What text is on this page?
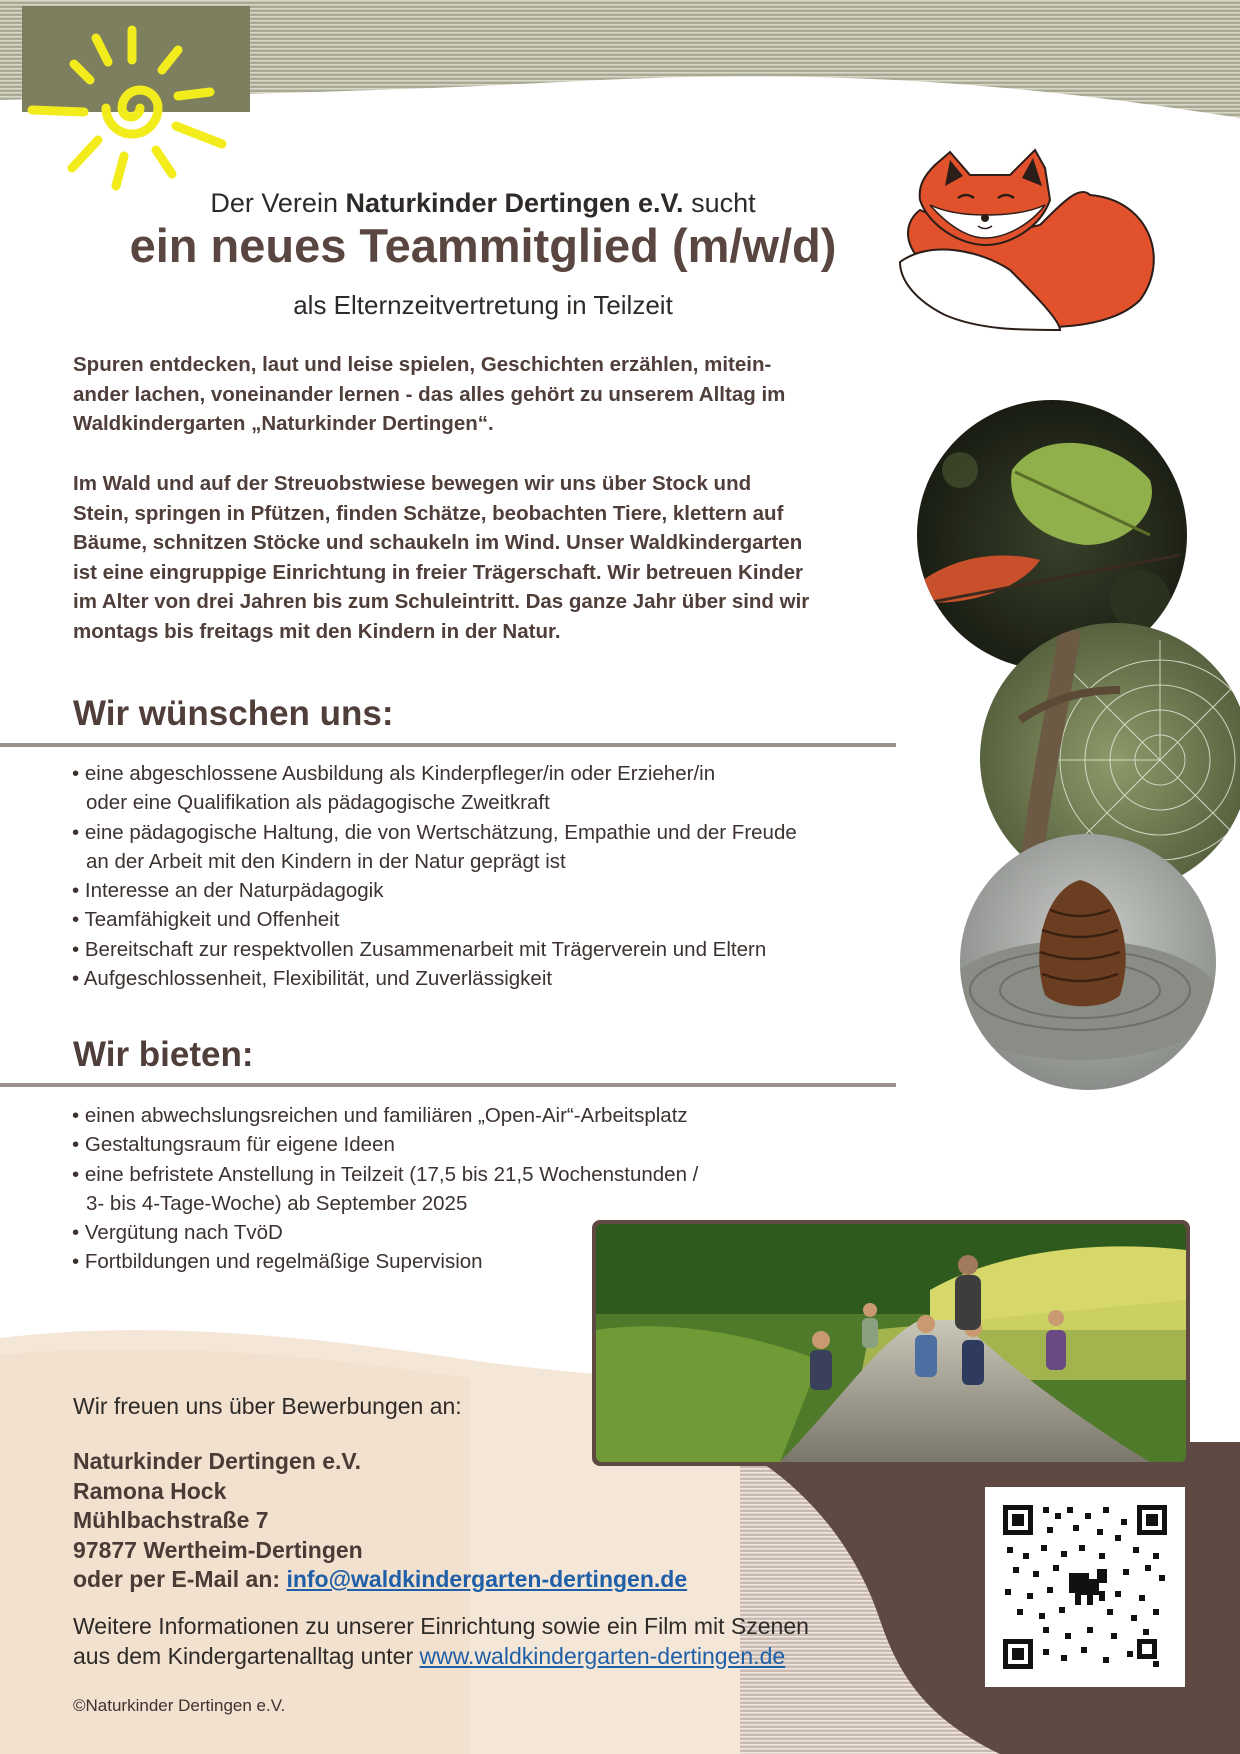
Der Verein Naturkinder Dertingen e.V. sucht
ein neues Teammitglied (m/w/d)
als Elternzeitvertretung in Teilzeit

Spuren entdecken, laut und leise spielen, Geschichten erzählen, mitein-

ander lachen, voneinander lernen - das alles gehört zu unserem Alltag im

Waldkindergarten „Naturkinder Dertingen“.

Im Wald und auf der Streuobstwiese bewegen wir uns über Stock und

Stein, springen in Pfützen, finden Schätze, beobachten Tiere, klettern auf

Bäume, schnitzen Stöcke und schaukeln im Wind. Unser Waldkindergarten

ist eine eingruppige Einrichtung in freier Trägerschaft. Wir betreuen Kinder

im Alter von drei Jahren bis zum Schuleintritt. Das ganze Jahr über sind wir

montags bis freitags mit den Kindern in der Natur.

Wir wünschen uns:
• eine abgeschlossene Ausbildung als Kinderpfleger/in oder Erzieher/in
oder eine Qualifikation als pädagogische Zweitkraft
• eine pädagogische Haltung, die von Wertschätzung, Empathie und der Freude
an der Arbeit mit den Kindern in der Natur geprägt ist
• Interesse an der Naturpädagogik
• Teamfähigkeit und Offenheit
• Bereitschaft zur respektvollen Zusammenarbeit mit Trägerverein und Eltern
• Aufgeschlossenheit, Flexibilität, und Zuverlässigkeit
Wir bieten:
• einen abwechslungsreichen und familiären „Open-Air“-Arbeitsplatz
• Gestaltungsraum für eigene Ideen
• eine befristete Anstellung in Teilzeit (17,5 bis 21,5 Wochenstunden /
3- bis 4-Tage-Woche) ab September 2025
• Vergütung nach TvöD
• Fortbildungen und regelmäßige Supervision
Wir freuen uns über Bewerbungen an:
Naturkinder Dertingen e.V.
Ramona Hock
Mühlbachstraße 7
97877 Wertheim-Dertingen
oder per E-Mail an: info@waldkindergarten-dertingen.de
Weitere Informationen zu unserer Einrichtung sowie ein Film mit Szenen
aus dem Kindergartenalltag unter www.waldkindergarten-dertingen.de
©Naturkinder Dertingen e.V.
